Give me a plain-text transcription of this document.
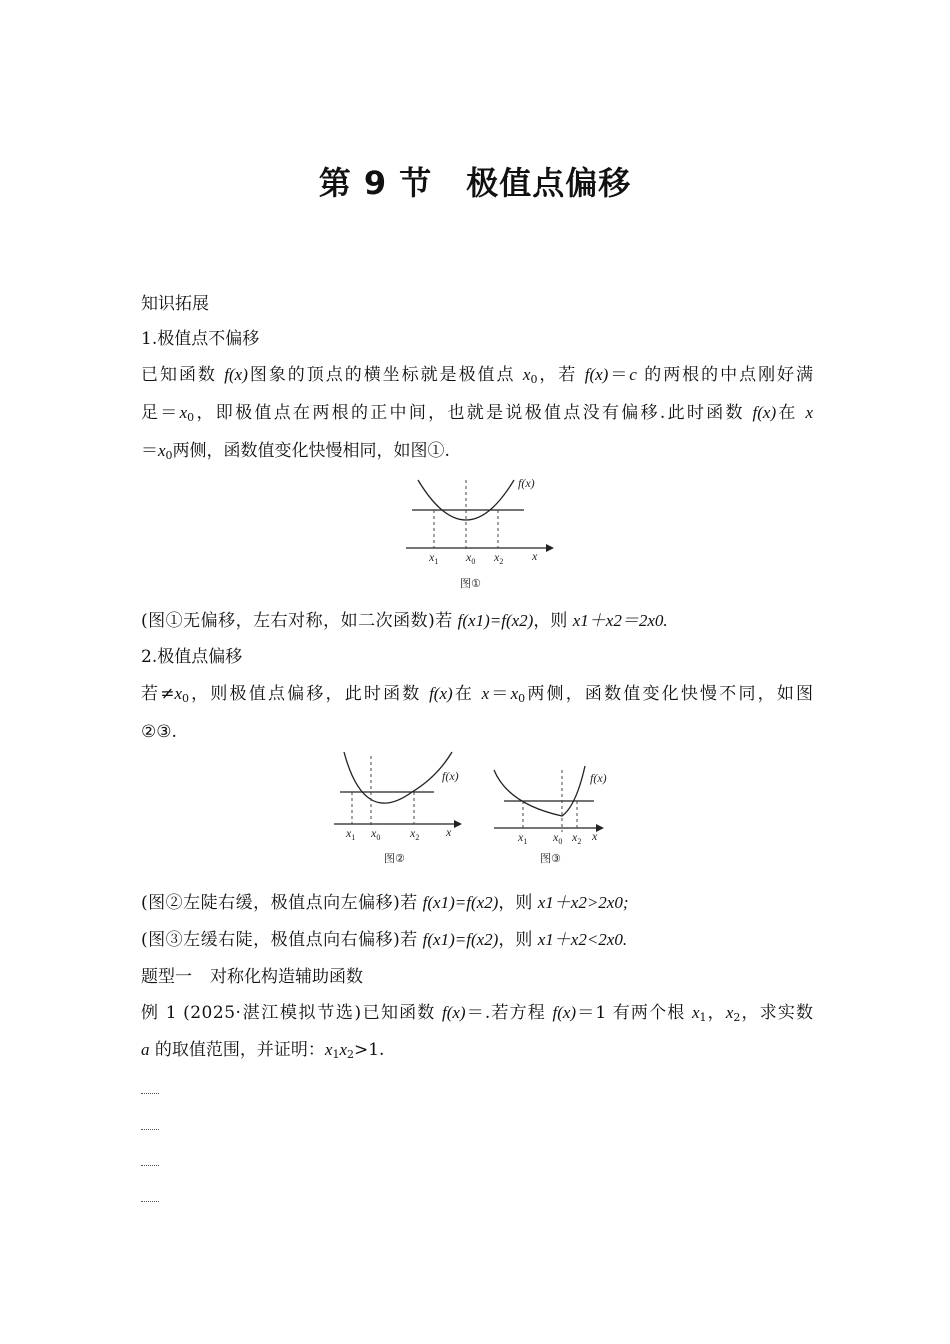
第 9 节 极值点偏移
知识拓展
1.极值点不偏移
已知函数 f(x)图象的顶点的横坐标就是极值点 $x_0$，若 f(x)＝c 的两根的中点刚好满
足$=x_0$，即极值点在两根的正中间，也就是说极值点没有偏移.此时函数 f(x)在 x
$=x_0$两侧，函数值变化快慢相同，如图①.
f(x)
$x_1$ $x_0$ $x_2$ x
图①
(图①无偏移，左右对称，如二次函数)若 f(x1)=f(x2)，则 x1＋x2＝2x0.
2.极值点偏移
若$\ne x_0$，则极值点偏移，此时函数 f(x)在 $x=x_0$两侧，函数值变化快慢不同，如图
②③.
f(x)
$x_1$ $x_0$ $x_2$ x
图②
f(x)
$x_1$ $x_0$ $x_2$ x
图③
(图②左陡右缓，极值点向左偏移)若 f(x1)=f(x2)，则 x1＋x2>2x0;
(图③左缓右陡，极值点向右偏移)若 f(x1)=f(x2)，则 x1＋x2<2x0.
题型一 对称化构造辅助函数
例 1 (2025·湛江模拟节选)已知函数 f(x)＝.若方程 f(x)＝1 有两个根 $x_1$，$x_2$，求实数
a 的取值范围，并证明：$x_1x_2>1$.
